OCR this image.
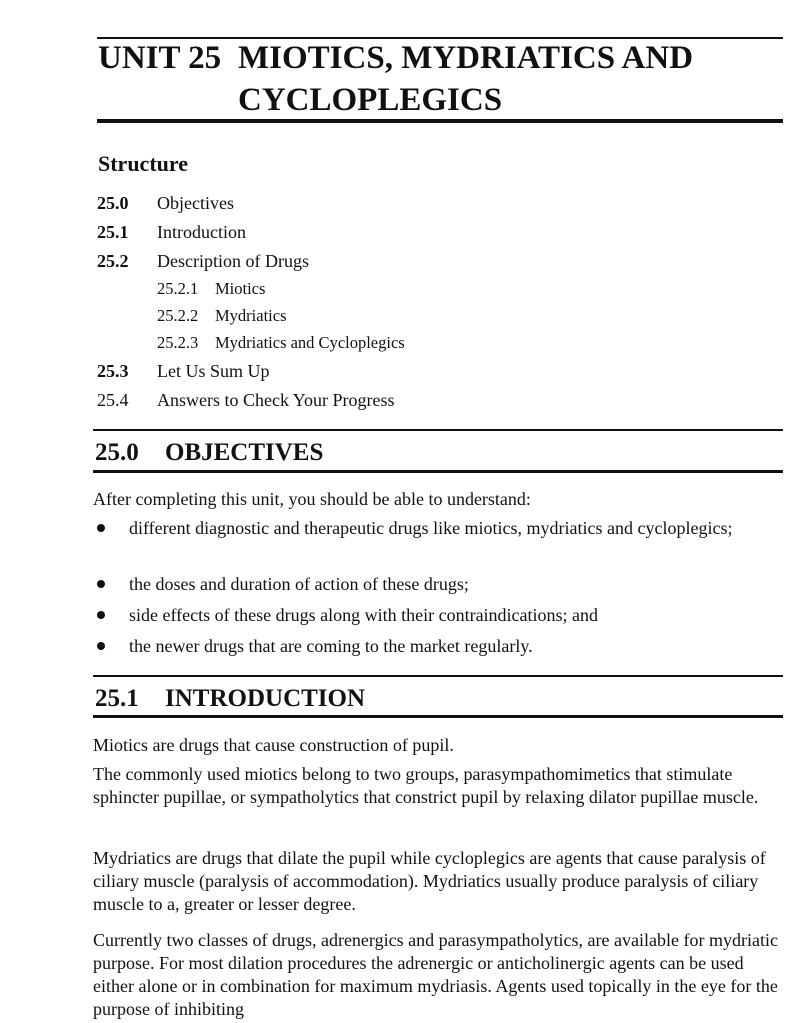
UNIT 25 MIOTICS, MYDRIATICS AND
CYCLOPLEGICS
Structure
25.0	Objectives
25.1	Introduction
25.2	Description of Drugs
25.2.1 Miotics
25.2.2 Mydriatics
25.2.3 Mydriatics and Cycloplegics
25.3	Let Us Sum Up
25.4	Answers to Check Your Progress
25.0 OBJECTIVES
After completing this unit, you should be able to understand:
different diagnostic and therapeutic drugs like miotics, mydriatics and cycloplegics;
the doses and duration of action of these drugs;
side effects of these drugs along with their contraindications; and
the newer drugs that are coming to the market regularly.
25.1 INTRODUCTION
Miotics are drugs that cause construction of pupil.
The commonly used miotics belong to two groups, parasympathomimetics that stimulate sphincter pupillae, or sympatholytics that constrict pupil by relaxing dilator pupillae muscle.
Mydriatics are drugs that dilate the pupil while cycloplegics are agents that cause paralysis of ciliary muscle (paralysis of accommodation). Mydriatics usually produce paralysis of ciliary muscle to a, greater or lesser degree.
Currently two classes of drugs, adrenergics and parasympatholytics, are available for mydriatic purpose. For most dilation procedures the adrenergic or anticholinergic agents can be used either alone or in combination for maximum mydriasis. Agents used topically in the eye for the purpose of inhibiting
